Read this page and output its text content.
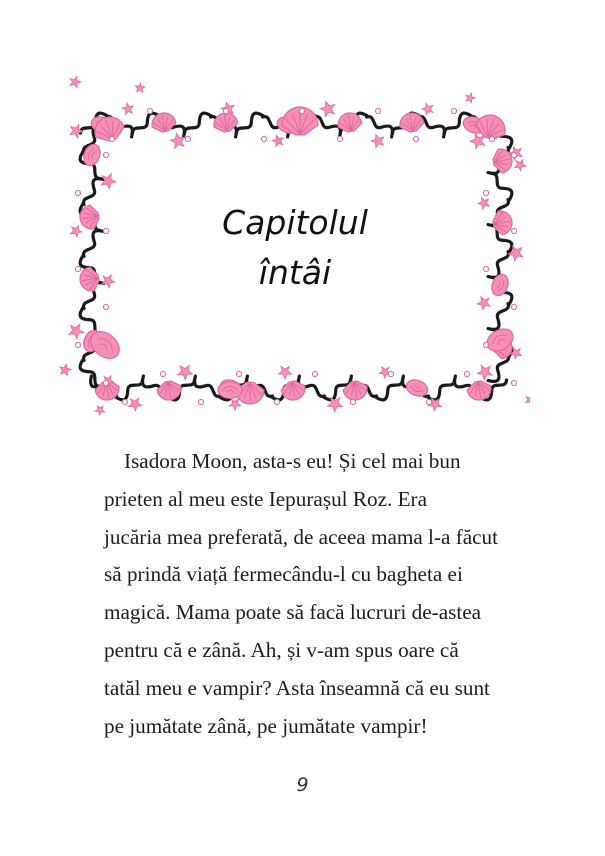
Capitolul
întâi
Isadora Moon, asta-s eu! Și cel mai bun
prieten al meu este Iepurașul Roz. Era
jucăria mea preferată, de aceea mama l-a făcut
să prindă viață fermecându-l cu bagheta ei
magică. Mama poate să facă lucruri de-astea
pentru că e zână. Ah, și v-am spus oare că
tatăl meu e vampir? Asta înseamnă că eu sunt
pe jumătate zână, pe jumătate vampir!
9
